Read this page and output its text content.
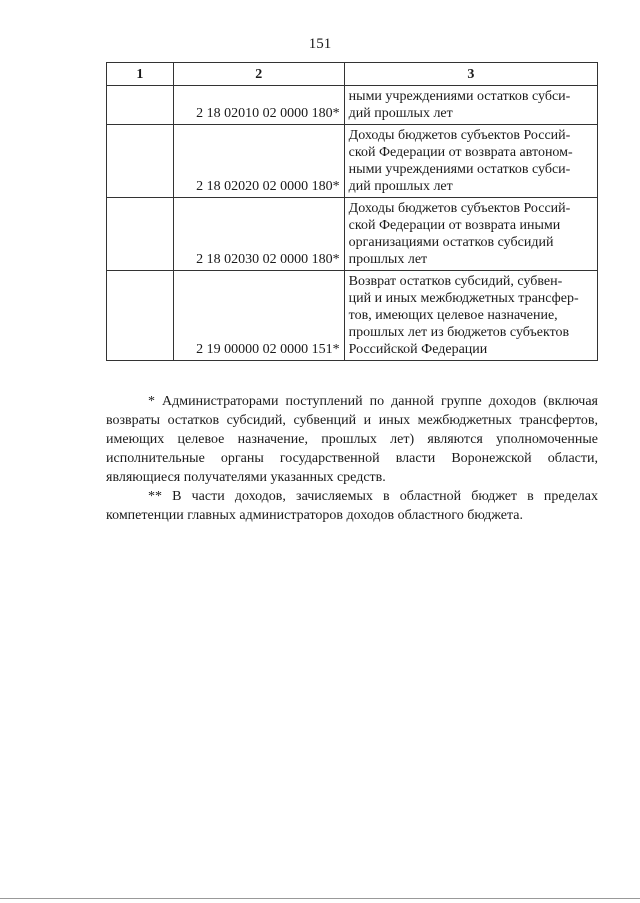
151
1	2	3
	2 18 02010 02 0000 180*	ными учреждениями остатков субси-
дий прошлых лет
	2 18 02020 02 0000 180*	Доходы бюджетов субъектов Россий-
ской Федерации от возврата автоном-
ными учреждениями остатков субси-
дий прошлых лет
	2 18 02030 02 0000 180*	Доходы бюджетов субъектов Россий-
ской Федерации от возврата иными
организациями остатков субсидий
прошлых лет
	2 19 00000 02 0000 151*	Возврат остатков субсидий, субвен-
ций и иных межбюджетных трансфер-
тов, имеющих целевое назначение,
прошлых лет из бюджетов субъектов
Российской Федерации

* Администраторами поступлений по данной группе доходов (включая возвраты остатков субсидий, субвенций и иных межбюджетных трансфертов, имеющих целевое назначение, прошлых лет) являются уполномоченные исполнительные органы государственной власти Воронежской области, являющиеся получателями указанных средств.

** В части доходов, зачисляемых в областной бюджет в пределах компетенции главных администраторов доходов областного бюджета.
